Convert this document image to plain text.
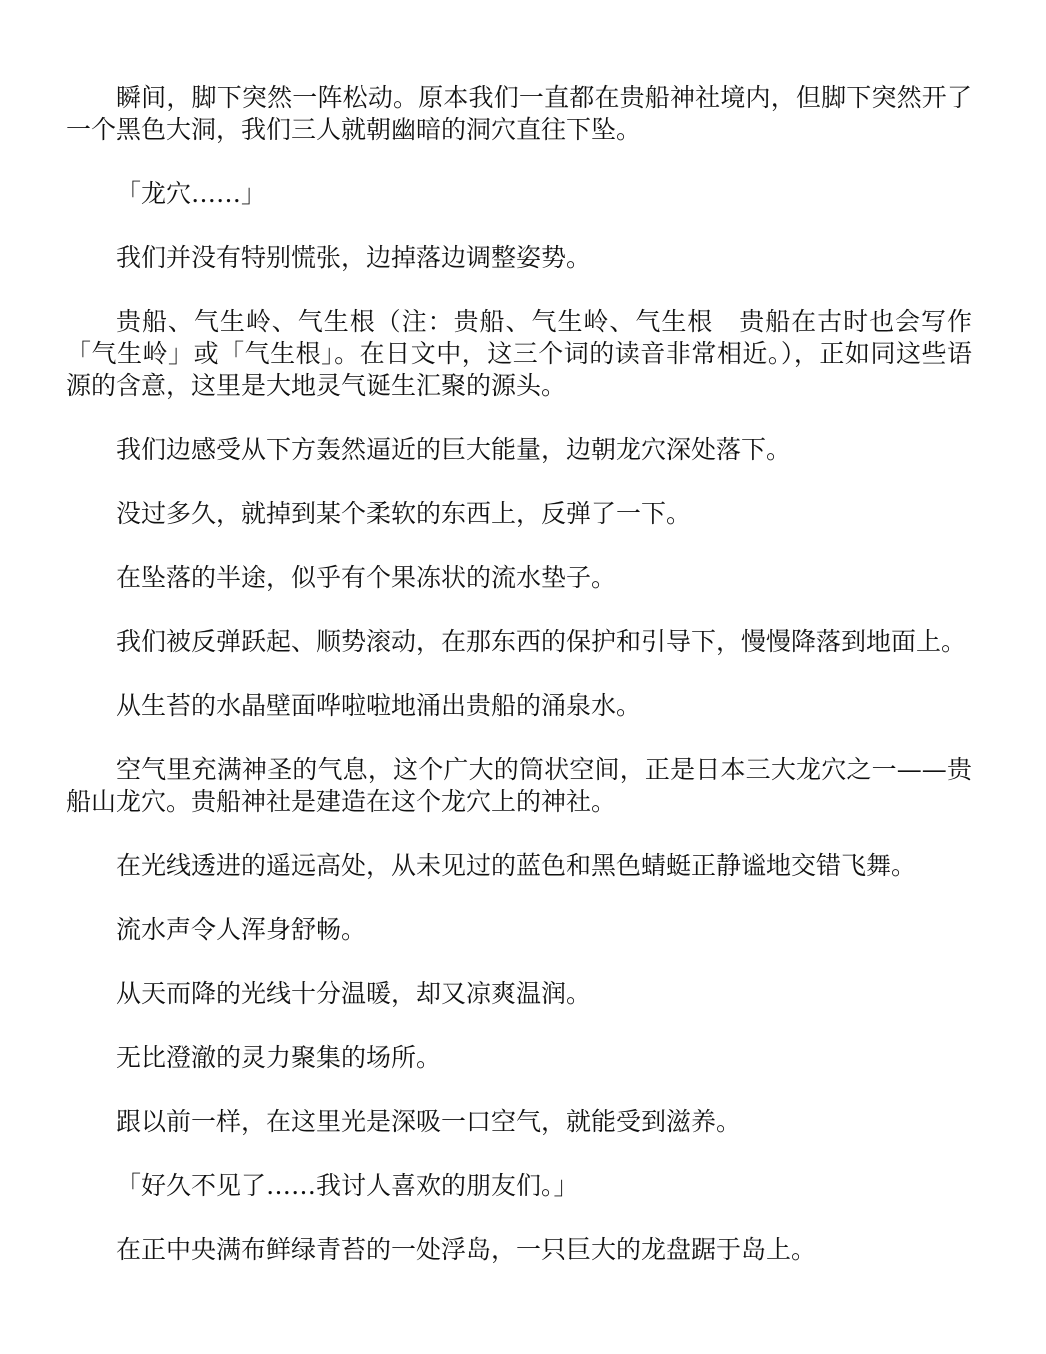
瞬间，脚下突然一阵松动。原本我们一直都在贵船神社境内，但脚下突然开了一个黑色大洞，我们三人就朝幽暗的洞穴直往下坠。

「龙穴……」

我们并没有特别慌张，边掉落边调整姿势。

贵船、气生岭、气生根（注：贵船、气生岭、气生根　贵船在古时也会写作「气生岭」或「气生根」。在日文中，这三个词的读音非常相近。），正如同这些语源的含意，这里是大地灵气诞生汇聚的源头。

我们边感受从下方轰然逼近的巨大能量，边朝龙穴深处落下。

没过多久，就掉到某个柔软的东西上，反弹了一下。

在坠落的半途，似乎有个果冻状的流水垫子。

我们被反弹跃起、顺势滚动，在那东西的保护和引导下，慢慢降落到地面上。

从生苔的水晶壁面哗啦啦地涌出贵船的涌泉水。

空气里充满神圣的气息，这个广大的筒状空间，正是日本三大龙穴之一——贵船山龙穴。贵船神社是建造在这个龙穴上的神社。

在光线透进的遥远高处，从未见过的蓝色和黑色蜻蜓正静谧地交错飞舞。

流水声令人浑身舒畅。

从天而降的光线十分温暖，却又凉爽温润。

无比澄澈的灵力聚集的场所。

跟以前一样，在这里光是深吸一口空气，就能受到滋养。

「好久不见了……我讨人喜欢的朋友们。」

在正中央满布鲜绿青苔的一处浮岛，一只巨大的龙盘踞于岛上。
